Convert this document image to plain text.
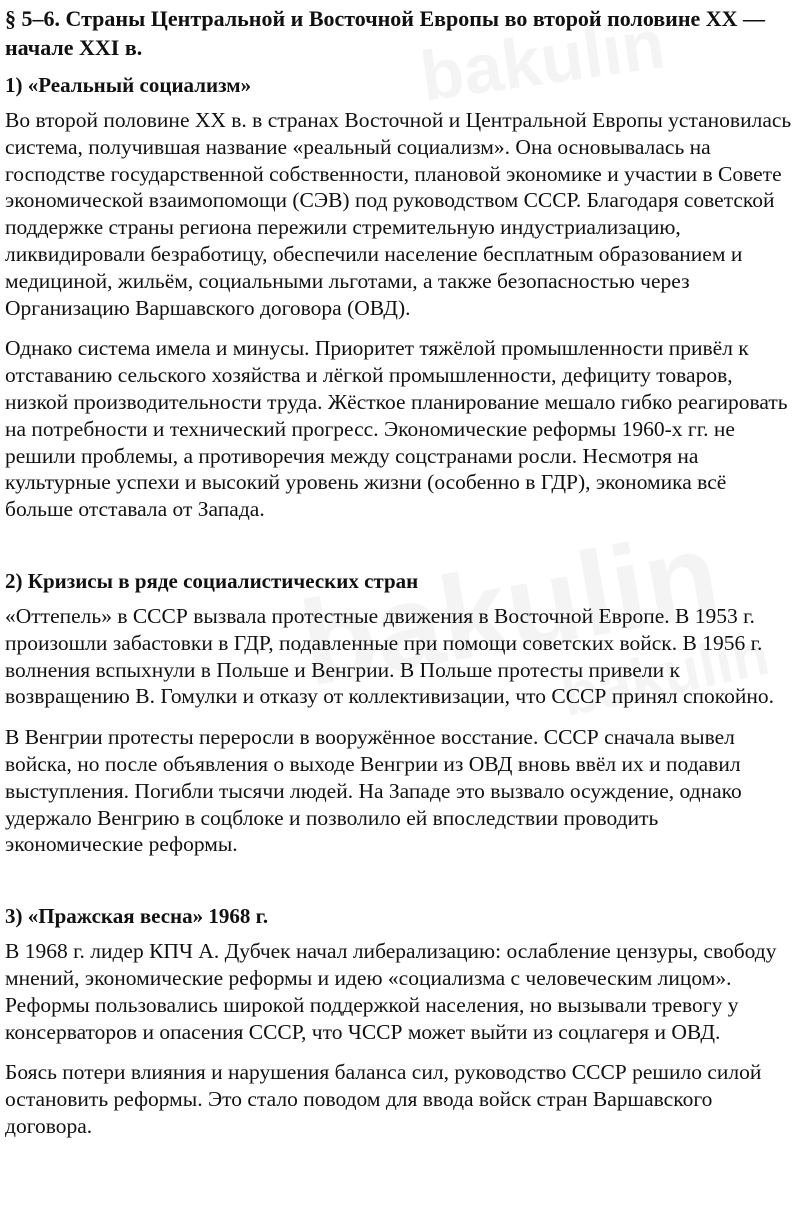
§ 5–6. Страны Центральной и Восточной Европы во второй половине XX — начале XXI в.
1) «Реальный социализм»

Во второй половине XX в. в странах Восточной и Центральной Европы установилась система, получившая название «реальный социализм». Она основывалась на господстве государственной собственности, плановой экономике и участии в Совете экономической взаимопомощи (СЭВ) под руководством СССР. Благодаря советской поддержке страны региона пережили стремительную индустриализацию, ликвидировали безработицу, обеспечили население бесплатным образованием и медициной, жильём, социальными льготами, а также безопасностью через Организацию Варшавского договора (ОВД).

Однако система имела и минусы. Приоритет тяжёлой промышленности привёл к отставанию сельского хозяйства и лёгкой промышленности, дефициту товаров, низкой производительности труда. Жёсткое планирование мешало гибко реагировать на потребности и технический прогресс. Экономические реформы 1960-х гг. не решили проблемы, а противоречия между соцстранами росли. Несмотря на культурные успехи и высокий уровень жизни (особенно в ГДР), экономика всё больше отставала от Запада.

2) Кризисы в ряде социалистических стран

«Оттепель» в СССР вызвала протестные движения в Восточной Европе. В 1953 г. произошли забастовки в ГДР, подавленные при помощи советских войск. В 1956 г. волнения вспыхнули в Польше и Венгрии. В Польше протесты привели к возвращению В. Гомулки и отказу от коллективизации, что СССР принял спокойно.

В Венгрии протесты переросли в вооружённое восстание. СССР сначала вывел войска, но после объявления о выходе Венгрии из ОВД вновь ввёл их и подавил выступления. Погибли тысячи людей. На Западе это вызвало осуждение, однако удержало Венгрию в соцблоке и позволило ей впоследствии проводить экономические реформы.

3) «Пражская весна» 1968 г.

В 1968 г. лидер КПЧ А. Дубчек начал либерализацию: ослабление цензуры, свободу мнений, экономические реформы и идею «социализма с человеческим лицом». Реформы пользовались широкой поддержкой населения, но вызывали тревогу у консерваторов и опасения СССР, что ЧССР может выйти из соцлагеря и ОВД.

Боясь потери влияния и нарушения баланса сил, руководство СССР решило силой остановить реформы. Это стало поводом для ввода войск стран Варшавского договора.
